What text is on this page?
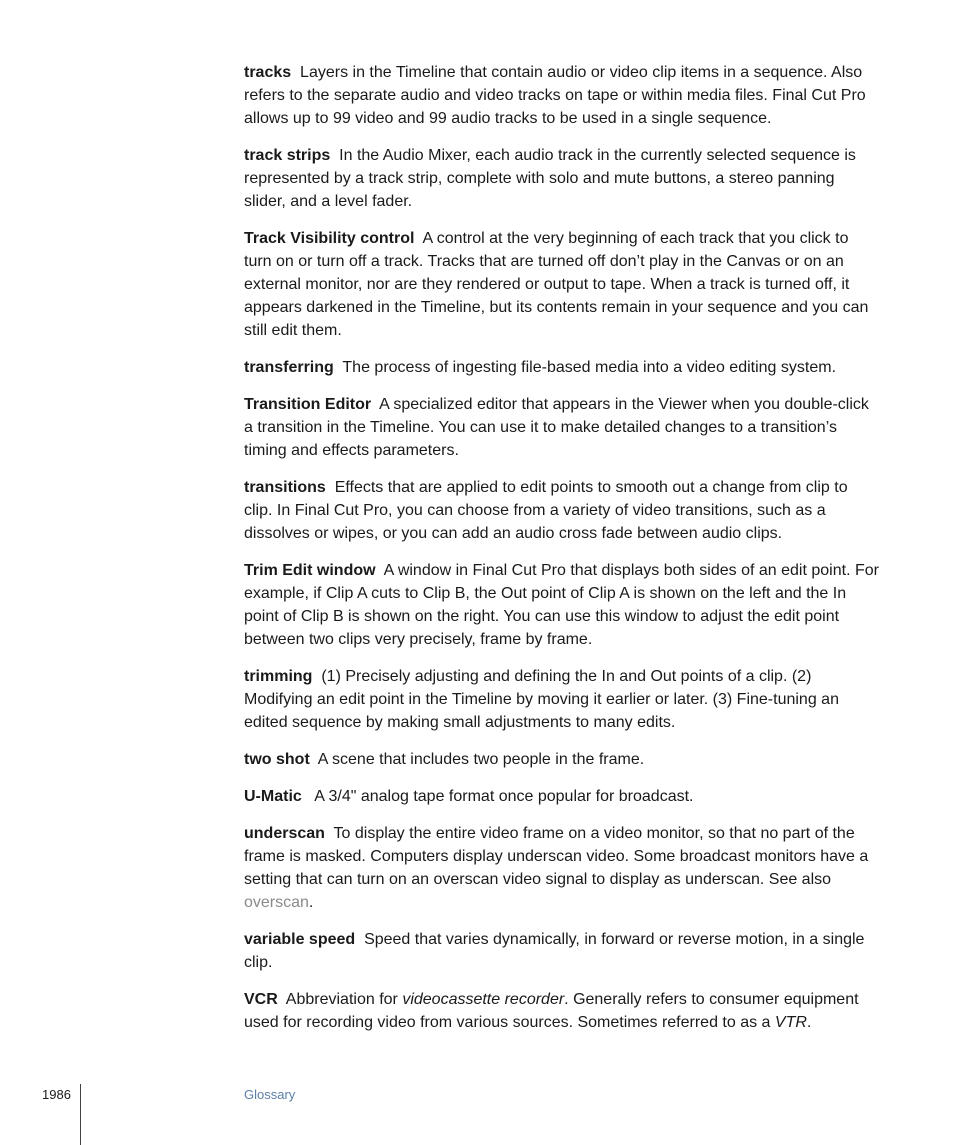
tracks Layers in the Timeline that contain audio or video clip items in a sequence. Also refers to the separate audio and video tracks on tape or within media files. Final Cut Pro allows up to 99 video and 99 audio tracks to be used in a single sequence.

track strips In the Audio Mixer, each audio track in the currently selected sequence is represented by a track strip, complete with solo and mute buttons, a stereo panning slider, and a level fader.

Track Visibility control A control at the very beginning of each track that you click to turn on or turn off a track. Tracks that are turned off don’t play in the Canvas or on an external monitor, nor are they rendered or output to tape. When a track is turned off, it appears darkened in the Timeline, but its contents remain in your sequence and you can still edit them.

transferring The process of ingesting file-based media into a video editing system.

Transition Editor A specialized editor that appears in the Viewer when you double-click a transition in the Timeline. You can use it to make detailed changes to a transition’s timing and effects parameters.

transitions Effects that are applied to edit points to smooth out a change from clip to clip. In Final Cut Pro, you can choose from a variety of video transitions, such as a dissolves or wipes, or you can add an audio cross fade between audio clips.

Trim Edit window A window in Final Cut Pro that displays both sides of an edit point. For example, if Clip A cuts to Clip B, the Out point of Clip A is shown on the left and the In point of Clip B is shown on the right. You can use this window to adjust the edit point between two clips very precisely, frame by frame.

trimming (1) Precisely adjusting and defining the In and Out points of a clip. (2) Modifying an edit point in the Timeline by moving it earlier or later. (3) Fine-tuning an edited sequence by making small adjustments to many edits.

two shot A scene that includes two people in the frame.

U-Matic A 3/4" analog tape format once popular for broadcast.

underscan To display the entire video frame on a video monitor, so that no part of the frame is masked. Computers display underscan video. Some broadcast monitors have a setting that can turn on an overscan video signal to display as underscan. See also overscan.

variable speed Speed that varies dynamically, in forward or reverse motion, in a single clip.

VCR Abbreviation for videocassette recorder. Generally refers to consumer equipment used for recording video from various sources. Sometimes referred to as a VTR.

1986	Glossary
